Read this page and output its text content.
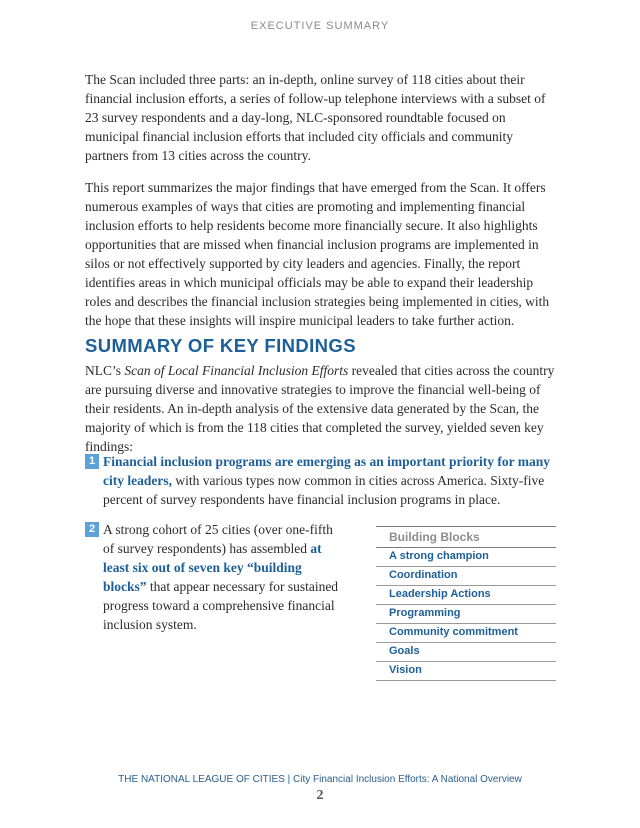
EXECUTIVE SUMMARY

The Scan included three parts: an in-depth, online survey of 118 cities about their financial inclusion efforts, a series of follow-up telephone interviews with a subset of 23 survey respondents and a day-long, NLC-sponsored roundtable focused on municipal financial inclusion efforts that included city officials and community partners from 13 cities across the country.

This report summarizes the major findings that have emerged from the Scan. It offers numerous examples of ways that cities are promoting and implementing financial inclusion efforts to help residents become more financially secure. It also highlights opportunities that are missed when financial inclusion programs are implemented in silos or not effectively supported by city leaders and agencies. Finally, the report identifies areas in which municipal officials may be able to expand their leadership roles and describes the financial inclusion strategies being implemented in cities, with the hope that these insights will inspire municipal leaders to take further action.

SUMMARY OF KEY FINDINGS

NLC’s Scan of Local Financial Inclusion Efforts revealed that cities across the country are pursuing diverse and innovative strategies to improve the financial well-being of their residents. An in-depth analysis of the extensive data generated by the Scan, the majority of which is from the 118 cities that completed the survey, yielded seven key findings:

1 Financial inclusion programs are emerging as an important priority for many city leaders, with various types now common in cities across America. Sixty-five percent of survey respondents have financial inclusion programs in place.

2 A strong cohort of 25 cities (over one-fifth of survey respondents) has assembled at least six out of seven key “building blocks” that appear necessary for sustained progress toward a comprehensive financial inclusion system.

Building Blocks
A strong champion
Coordination
Leadership Actions
Programming
Community commitment
Goals
Vision
THE NATIONAL LEAGUE OF CITIES | City Financial Inclusion Efforts: A National Overview
2
